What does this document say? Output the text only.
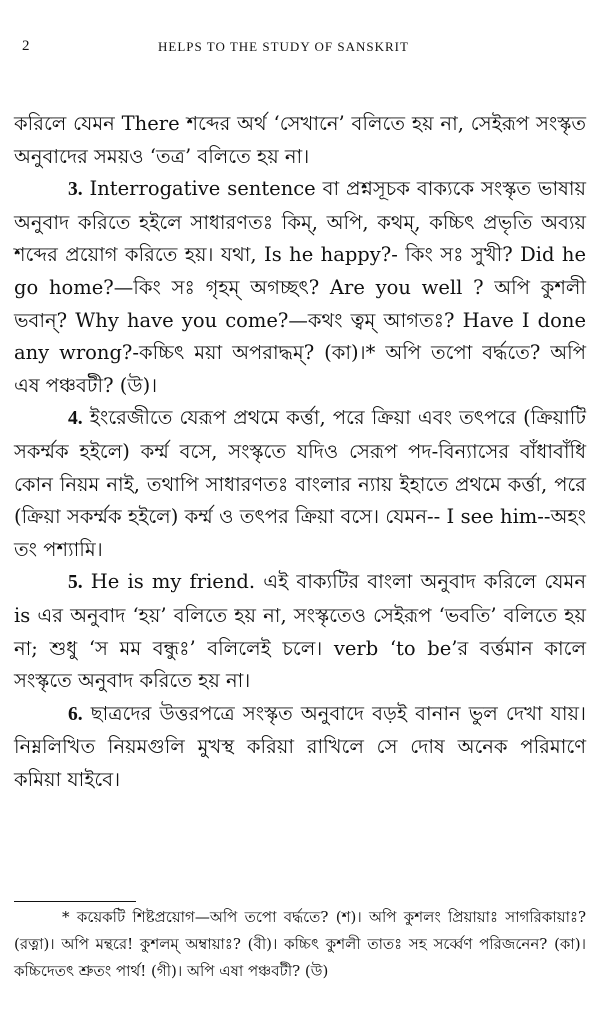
2	HELPS TO THE STUDY OF SANSKRIT

করিলে যেমন There শব্দের অর্থ ‘সেখানে’ বলিতে হয় না, সেইরূপ সংস্কৃত অনুবাদের সময়ও ‘তত্র’ বলিতে হয় না।

3. Interrogative sentence বা প্রশ্নসূচক বাক্যকে সংস্কৃত ভাষায় অনুবাদ করিতে হইলে সাধারণতঃ কিম্‌, অপি, কথম্‌, কচ্চিৎ প্রভৃতি অব্যয় শব্দের প্রয়োগ করিতে হয়। যথা, Is he happy?- কিং সঃ সুখী? Did he go home?—কিং সঃ গৃহম্‌ অগচ্ছৎ? Are you well ? অপি কুশলী ভবান্‌? Why have you come?—কথং ত্বম্‌ আগতঃ? Have I done any wrong?-কচ্চিৎ ময়া অপরাদ্ধম্‌? (কা)।* অপি তপো বর্দ্ধতে? অপি এষ পঞ্চবটী? (উ)।

4. ইংরেজীতে যেরূপ প্রথমে কর্ত্তা, পরে ক্রিয়া এবং তৎপরে (ক্রিয়াটি সকর্ম্মক হইলে) কর্ম্ম বসে, সংস্কৃতে যদিও সেরূপ পদ-বিন্যাসের বাঁধাবাঁধি কোন নিয়ম নাই, তথাপি সাধারণতঃ বাংলার ন্যায় ইহাতে প্রথমে কর্ত্তা, পরে (ক্রিয়া সকর্ম্মক হইলে) কর্ম্ম ও তৎপর ক্রিয়া বসে। যেমন-- I see him--অহং তং পশ্যামি।

5. He is my friend. এই বাক্যটির বাংলা অনুবাদ করিলে যেমন is এর অনুবাদ ‘হয়’ বলিতে হয় না, সংস্কৃতেও সেইরূপ ‘ভবতি’ বলিতে হয় না; শুধু ‘স মম বন্ধুঃ’ বলিলেই চলে। verb ‘to be’র বর্ত্তমান কালে সংস্কৃতে অনুবাদ করিতে হয় না।

6. ছাত্রদের উত্তরপত্রে সংস্কৃত অনুবাদে বড়ই বানান ভুল দেখা যায়। নিম্নলিখিত নিয়মগুলি মুখস্থ করিয়া রাখিলে সে দোষ অনেক পরিমাণে কমিয়া যাইবে।

* কয়েকটি শিষ্টপ্রয়োগ—অপি তপো বর্দ্ধতে? (শ)। অপি কুশলং প্রিয়ায়াঃ সাগরিকায়াঃ? (রত্না)। অপি মন্থরে! কুশলম্‌ অম্বায়াঃ? (বী)। কচ্চিৎ কুশলী তাতঃ সহ সর্ব্বেণ পরিজনেন? (কা)। কচ্চিদেতৎ শ্রুতং পার্থ! (গী)। অপি এষা পঞ্চবটী? (উ)
